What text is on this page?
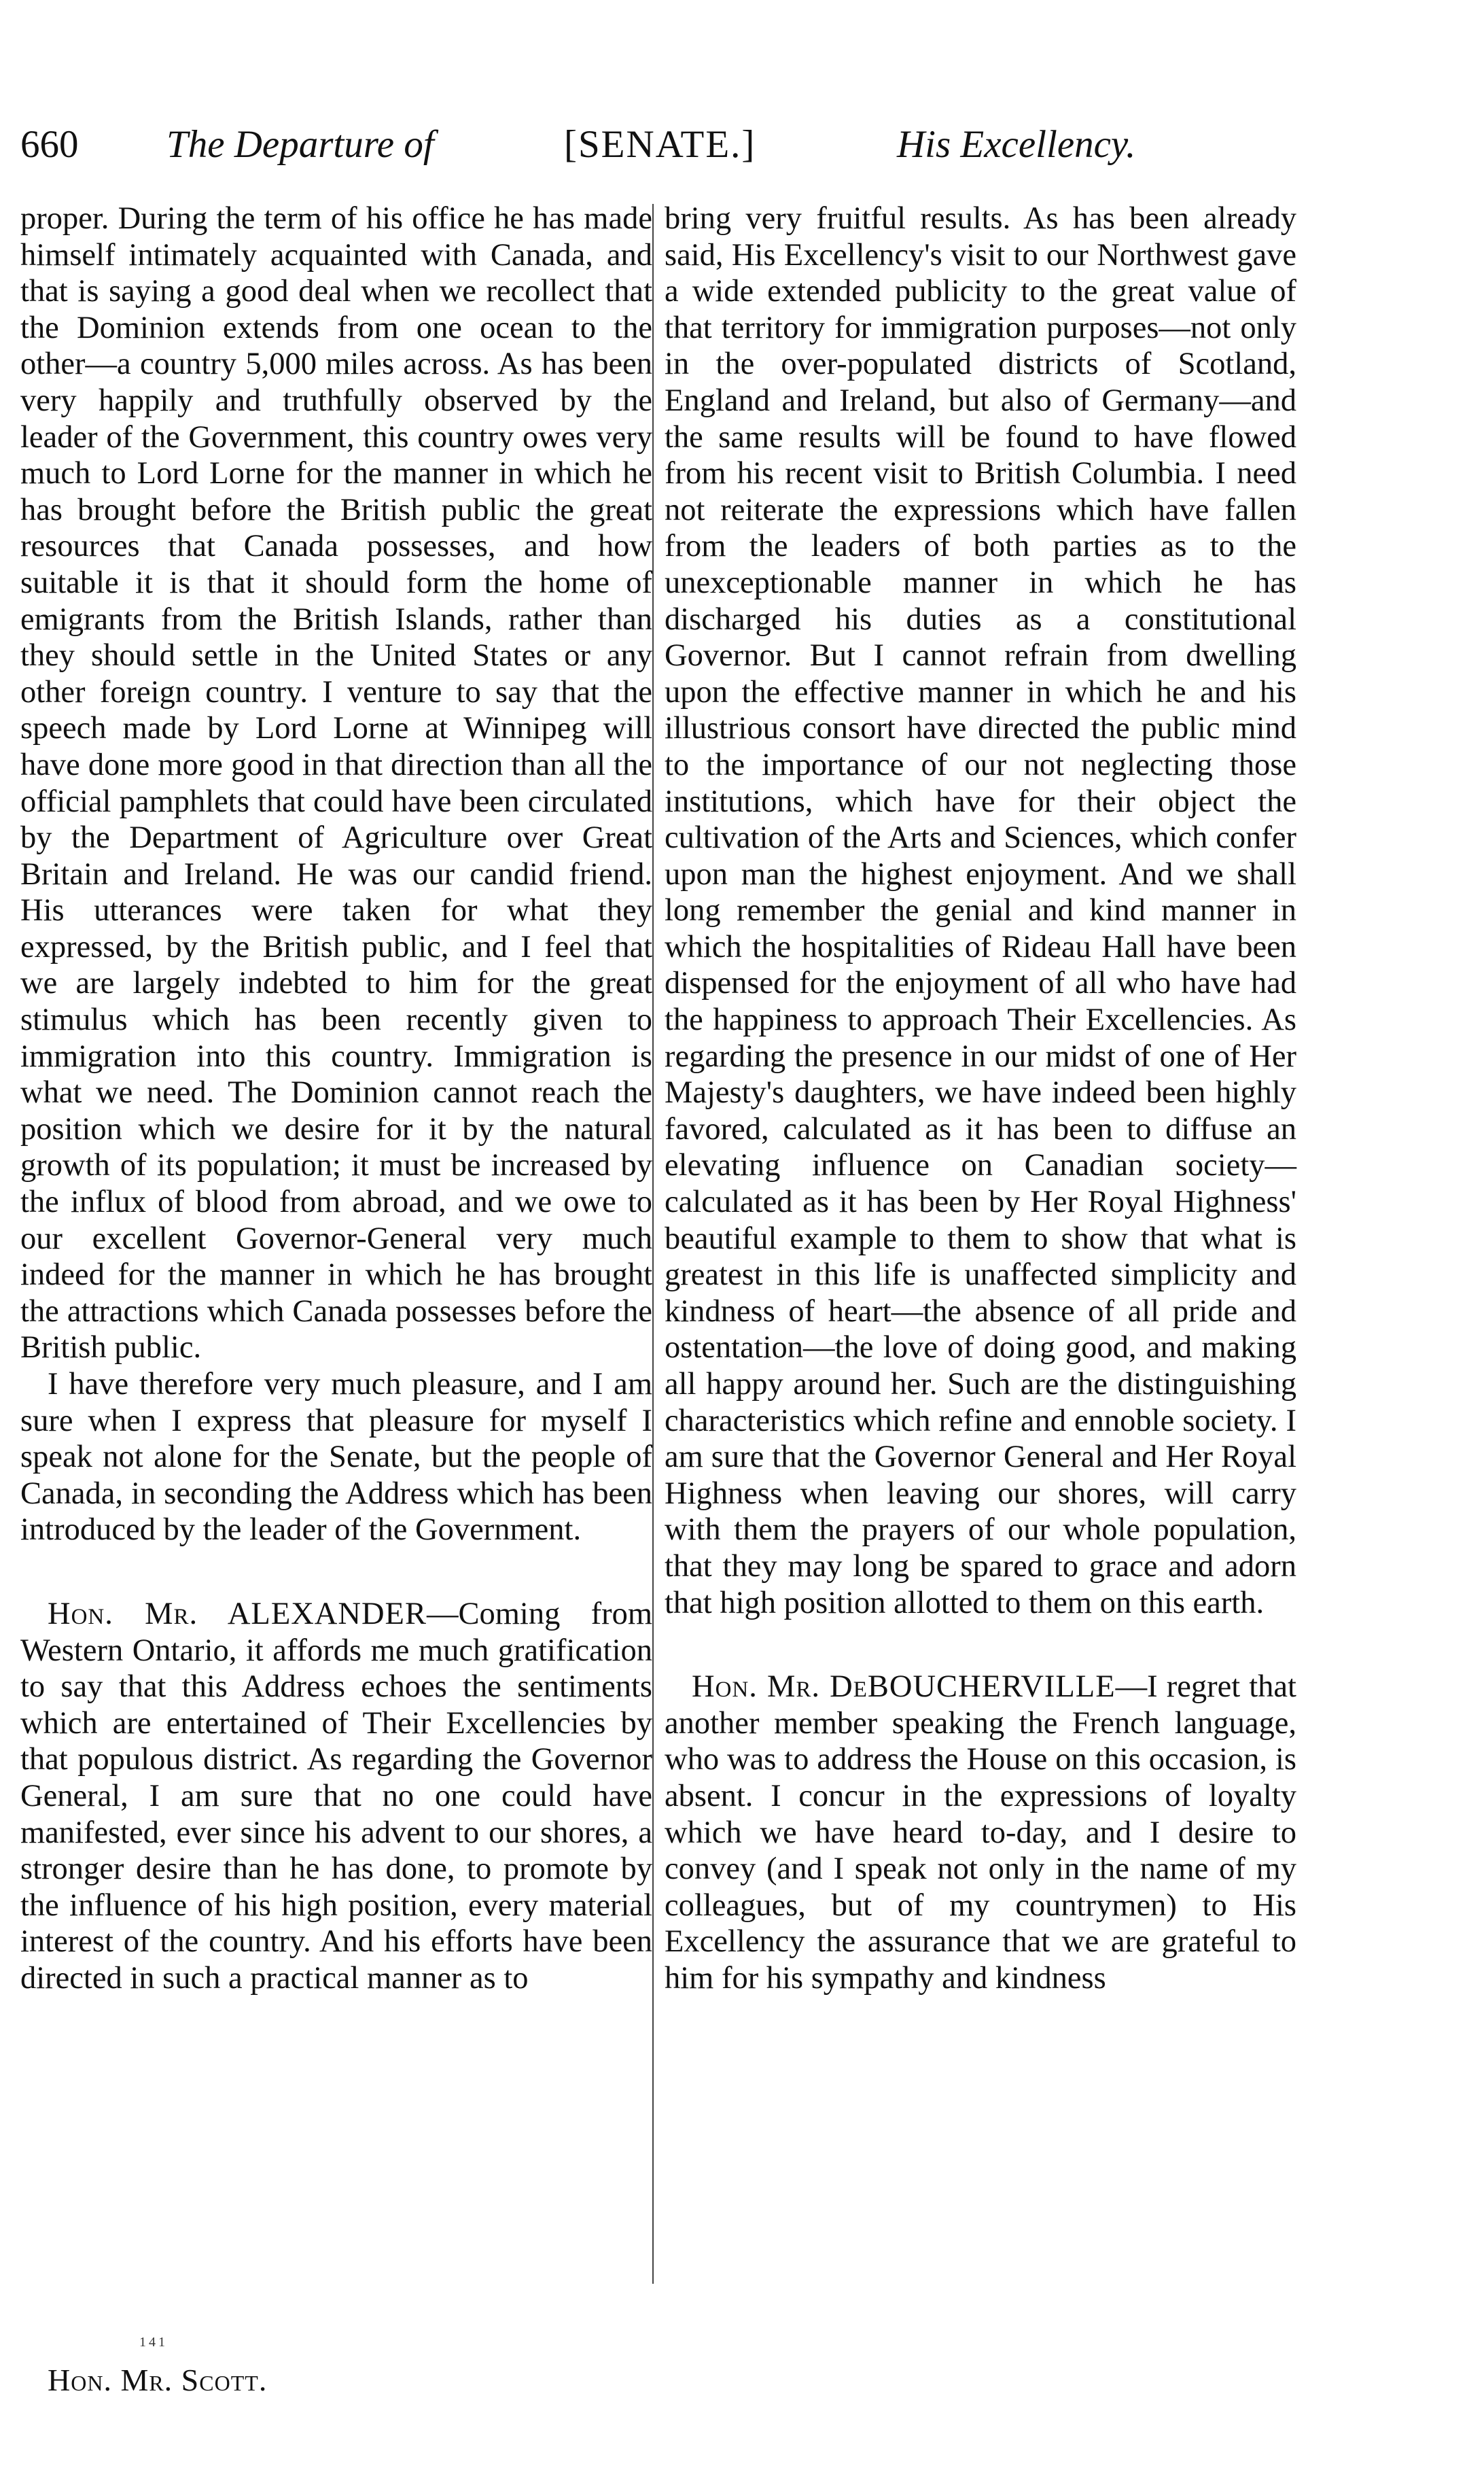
660 The Departure of	[SENATE.]	His Excellency.

proper. During the term of his office he has made himself intimately acquainted with Canada, and that is saying a good deal when we recollect that the Dominion extends from one ocean to the other—a country 5,000 miles across. As has been very happily and truthfully observed by the leader of the Government, this country owes very much to Lord Lorne for the manner in which he has brought before the British public the great resources that Canada possesses, and how suitable it is that it should form the home of emigrants from the British Islands, rather than they should settle in the United States or any other foreign country. I venture to say that the speech made by Lord Lorne at Winnipeg will have done more good in that direction than all the official pamphlets that could have been circulated by the Department of Agriculture over Great Britain and Ireland. He was our candid friend. His utterances were taken for what they expressed, by the British public, and I feel that we are largely indebted to him for the great stimulus which has been recently given to immigration into this country. Immigration is what we need. The Dominion cannot reach the position which we desire for it by the natural growth of its population; it must be increased by the influx of blood from abroad, and we owe to our excellent Governor-General very much indeed for the manner in which he has brought the attractions which Canada possesses before the British public.

I have therefore very much pleasure, and I am sure when I express that pleasure for myself I speak not alone for the Senate, but the people of Canada, in seconding the Address which has been introduced by the leader of the Government.

Hon. Mr. ALEXANDER—Coming from Western Ontario, it affords me much gratification to say that this Address echoes the sentiments which are entertained of Their Excellencies by that populous district. As regarding the Governor General, I am sure that no one could have manifested, ever since his advent to our shores, a stronger desire than he has done, to promote by the influence of his high position, every material interest of the country. And his efforts have been directed in such a practical manner as to

bring very fruitful results. As has been already said, His Excellency's visit to our Northwest gave a wide extended publicity to the great value of that territory for immigration purposes—not only in the over-populated districts of Scotland, England and Ireland, but also of Germany—and the same results will be found to have flowed from his recent visit to British Columbia. I need not reiterate the expressions which have fallen from the leaders of both parties as to the unexceptionable manner in which he has discharged his duties as a constitutional Governor. But I cannot refrain from dwelling upon the effective manner in which he and his illustrious consort have directed the public mind to the importance of our not neglecting those institutions, which have for their object the cultivation of the Arts and Sciences, which confer upon man the highest enjoyment. And we shall long remember the genial and kind manner in which the hospitalities of Rideau Hall have been dispensed for the enjoyment of all who have had the happiness to approach Their Excellencies. As regarding the presence in our midst of one of Her Majesty's daughters, we have indeed been highly favored, calculated as it has been to diffuse an elevating influence on Canadian society—calculated as it has been by Her Royal Highness' beautiful example to them to show that what is greatest in this life is unaffected simplicity and kindness of heart—the absence of all pride and ostentation—the love of doing good, and making all happy around her. Such are the distinguishing characteristics which refine and ennoble society. I am sure that the Governor General and Her Royal Highness when leaving our shores, will carry with them the prayers of our whole population, that they may long be spared to grace and adorn that high position allotted to them on this earth.

Hon. Mr. DeBOUCHERVILLE—I regret that another member speaking the French language, who was to address the House on this occasion, is absent. I concur in the expressions of loyalty which we have heard to-day, and I desire to convey (and I speak not only in the name of my colleagues, but of my countrymen) to His Excellency the assurance that we are grateful to him for his sympathy and kindness

141
Hon. Mr. Scott.
